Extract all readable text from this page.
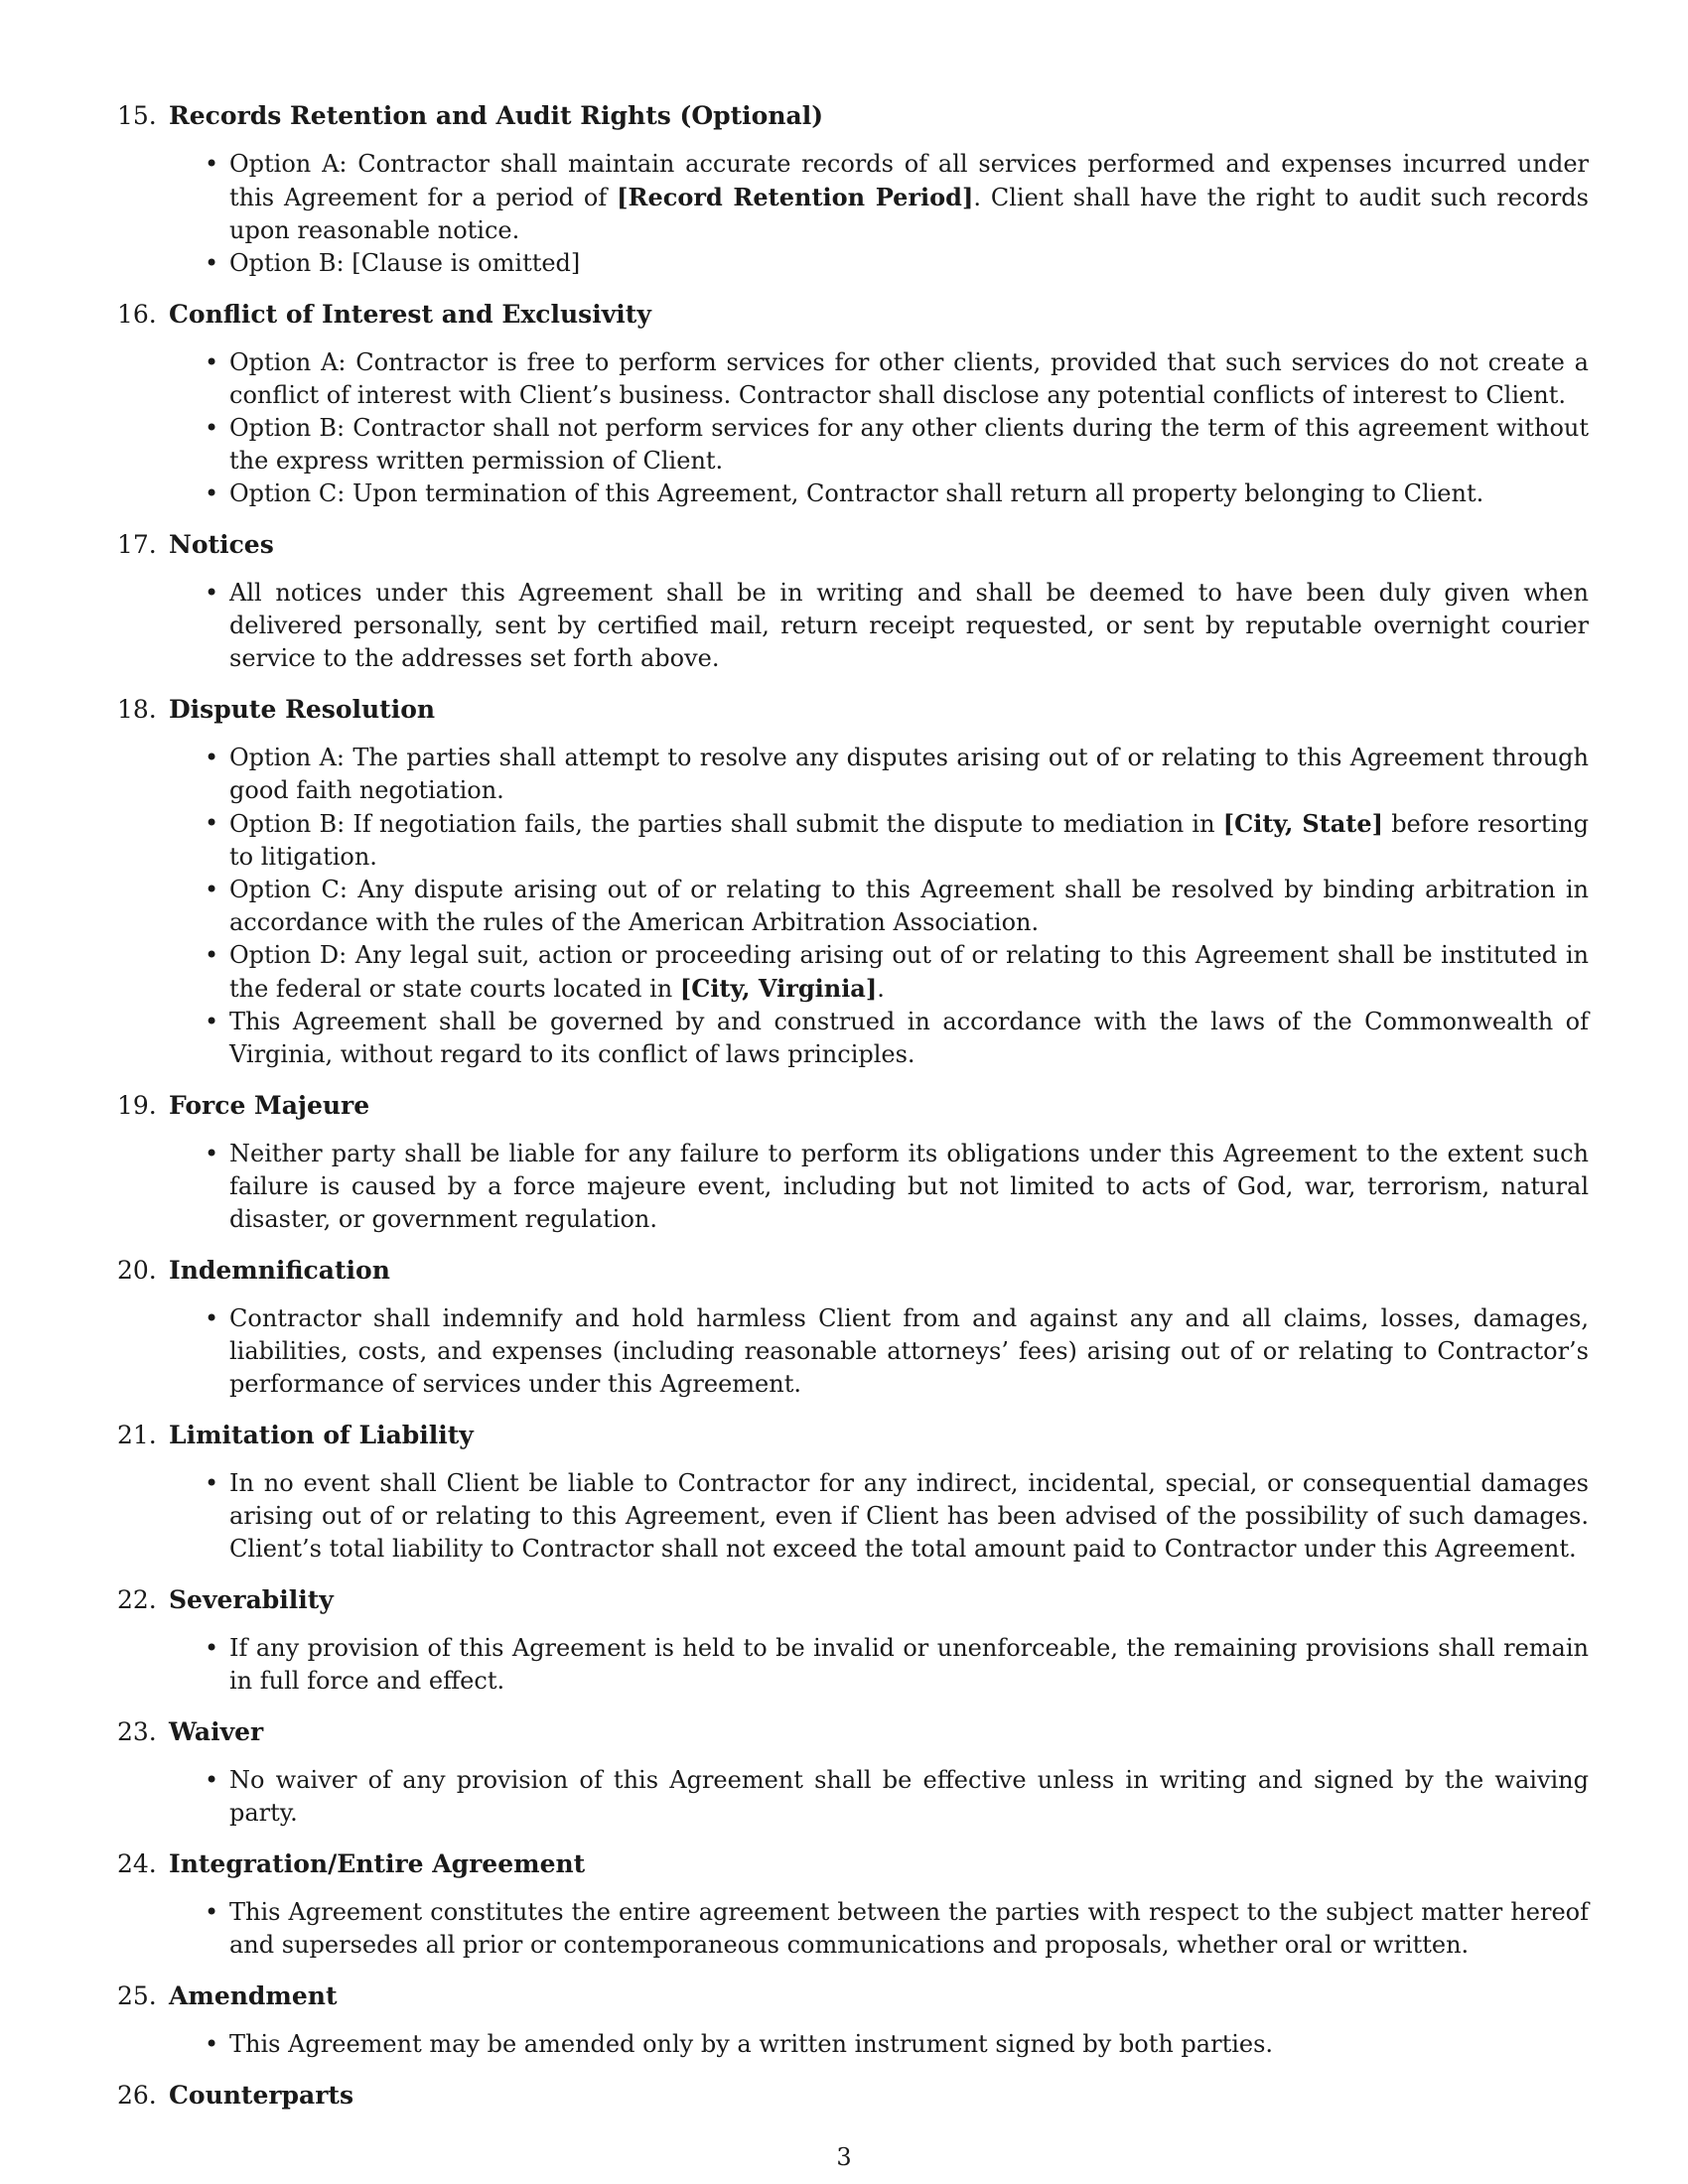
15. Records Retention and Audit Rights (Optional)
• Option A: Contractor shall maintain accurate records of all services performed and expenses incurred under this Agreement for a period of [Record Retention Period]. Client shall have the right to audit such records upon reasonable notice.
• Option B: [Clause is omitted]
16. Conflict of Interest and Exclusivity
• Option A: Contractor is free to perform services for other clients, provided that such services do not create a conflict of interest with Client’s business. Contractor shall disclose any potential conflicts of interest to Client.
• Option B: Contractor shall not perform services for any other clients during the term of this agreement without the express written permission of Client.
• Option C: Upon termination of this Agreement, Contractor shall return all property belonging to Client.
17. Notices
• All notices under this Agreement shall be in writing and shall be deemed to have been duly given when delivered personally, sent by certified mail, return receipt requested, or sent by reputable overnight courier service to the addresses set forth above.
18. Dispute Resolution
• Option A: The parties shall attempt to resolve any disputes arising out of or relating to this Agreement through good faith negotiation.
• Option B: If negotiation fails, the parties shall submit the dispute to mediation in [City, State] before resorting to litigation.
• Option C: Any dispute arising out of or relating to this Agreement shall be resolved by binding arbitration in accordance with the rules of the American Arbitration Association.
• Option D: Any legal suit, action or proceeding arising out of or relating to this Agreement shall be instituted in the federal or state courts located in [City, Virginia].
• This Agreement shall be governed by and construed in accordance with the laws of the Commonwealth of Virginia, without regard to its conflict of laws principles.
19. Force Majeure
• Neither party shall be liable for any failure to perform its obligations under this Agreement to the extent such failure is caused by a force majeure event, including but not limited to acts of God, war, terrorism, natural disaster, or government regulation.
20. Indemnification
• Contractor shall indemnify and hold harmless Client from and against any and all claims, losses, damages, liabilities, costs, and expenses (including reasonable attorneys’ fees) arising out of or relating to Contractor’s performance of services under this Agreement.
21. Limitation of Liability
• In no event shall Client be liable to Contractor for any indirect, incidental, special, or consequential damages arising out of or relating to this Agreement, even if Client has been advised of the possibility of such damages. Client’s total liability to Contractor shall not exceed the total amount paid to Contractor under this Agreement.
22. Severability
• If any provision of this Agreement is held to be invalid or unenforceable, the remaining provisions shall remain in full force and effect.
23. Waiver
• No waiver of any provision of this Agreement shall be effective unless in writing and signed by the waiving party.
24. Integration/Entire Agreement
• This Agreement constitutes the entire agreement between the parties with respect to the subject matter hereof and supersedes all prior or contemporaneous communications and proposals, whether oral or written.
25. Amendment
• This Agreement may be amended only by a written instrument signed by both parties.
26. Counterparts
3
